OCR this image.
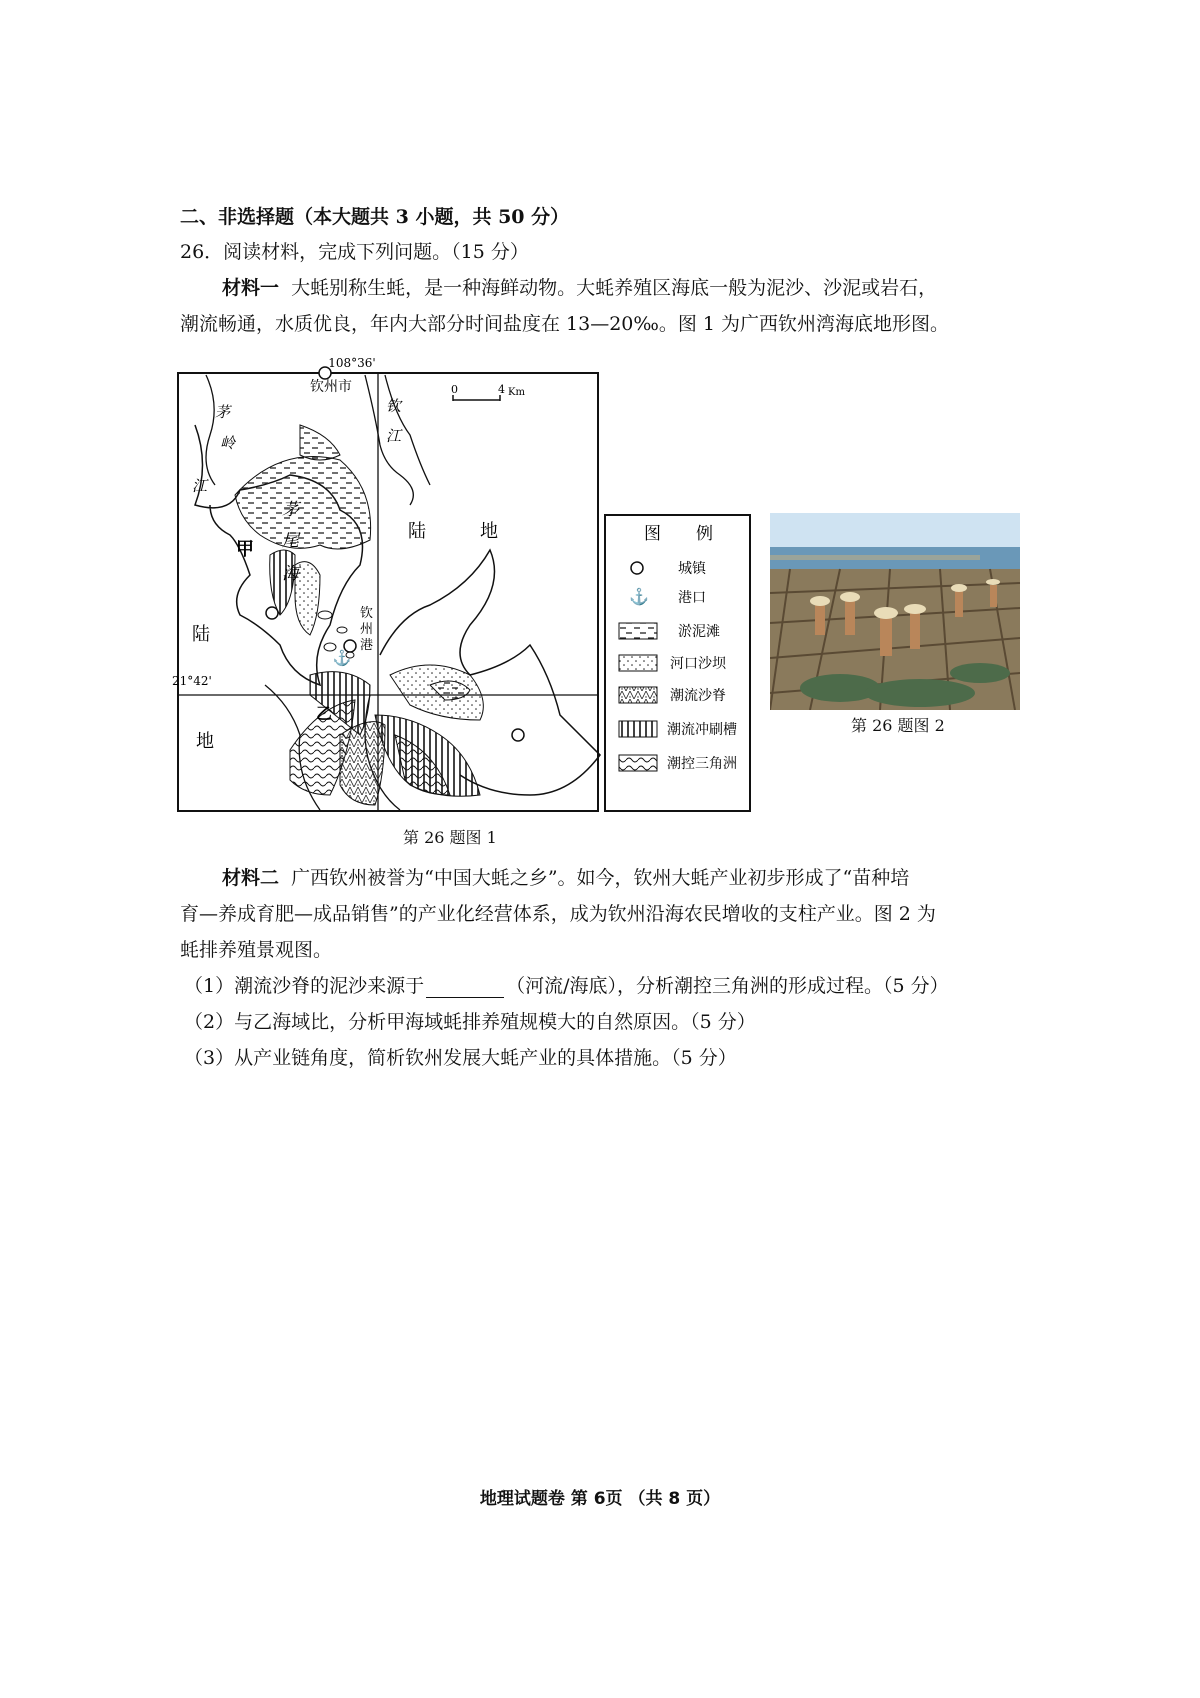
二、非选择题（本大题共 3 小题，共 50 分）
26．阅读材料，完成下列问题。（15 分）
材料一 大蚝别称生蚝，是一种海鲜动物。大蚝养殖区海底一般为泥沙、沙泥或岩石，
潮流畅通，水质优良，年内大部分时间盐度在 13—20‰。图 1 为广西钦州湾海底地形图。
⚓
0	4 Km
108°36'
21°42'
钦州市
茅
岭
江
钦
江
茅
尾
海
甲
乙
钦
州
港
陆	地
陆
地
图 例
城镇
⚓ 港口
淤泥滩
河口沙坝
潮流沙脊
潮流冲刷槽
潮控三角洲
第 26 题图 1
第 26 题图 2
材料二 广西钦州被誉为“中国大蚝之乡”。如今，钦州大蚝产业初步形成了“苗种培
育—养成育肥—成品销售”的产业化经营体系，成为钦州沿海农民增收的支柱产业。图 2 为
蚝排养殖景观图。
（1）潮流沙脊的泥沙来源于	（河流/海底），分析潮控三角洲的形成过程。（5 分）
（2）与乙海域比，分析甲海域蚝排养殖规模大的自然原因。（5 分）
（3）从产业链角度，简析钦州发展大蚝产业的具体措施。（5 分）
地理试题卷 第 6页 （共 8 页）
